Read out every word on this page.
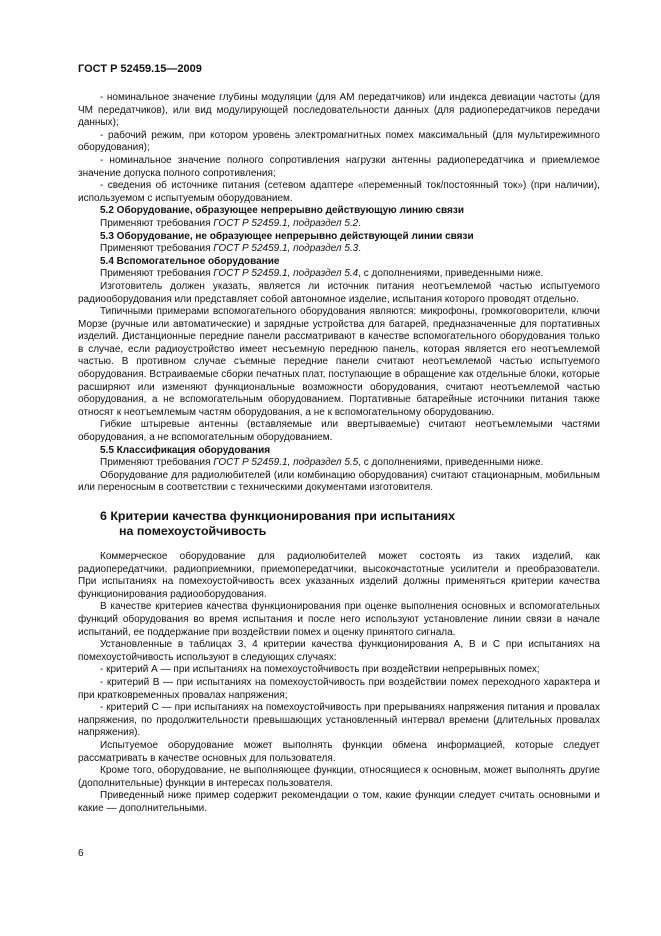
ГОСТ Р 52459.15—2009

- номинальное значение глубины модуляции (для АМ передатчиков) или индекса девиации частоты (для ЧМ передатчиков), или вид модулирующей последовательности данных (для радиопередатчиков передачи данных);

- рабочий режим, при котором уровень электромагнитных помех максимальный (для мультирежимного оборудования);

- номинальное значение полного сопротивления нагрузки антенны радиопередатчика и приемлемое значение допуска полного сопротивления;

- сведения об источнике питания (сетевом адаптере «переменный ток/постоянный ток») (при наличии), используемом с испытуемым оборудованием.

5.2 Оборудование, образующее непрерывно действующую линию связи

Применяют требования ГОСТ Р 52459.1, подраздел 5.2.

5.3 Оборудование, не образующее непрерывно действующей линии связи

Применяют требования ГОСТ Р 52459.1, подраздел 5.3.

5.4 Вспомогательное оборудование

Применяют требования ГОСТ Р 52459.1, подраздел 5.4, с дополнениями, приведенными ниже.

Изготовитель должен указать, является ли источник питания неотъемлемой частью испытуемого радиооборудования или представляет собой автономное изделие, испытания которого проводят отдельно.

Типичными примерами вспомогательного оборудования являются: микрофоны, громкоговорители, ключи Морзе (ручные или автоматические) и зарядные устройства для батарей, предназначенные для портативных изделий. Дистанционные передние панели рассматривают в качестве вспомогательного оборудования только в случае, если радиоустройство имеет несъемную переднюю панель, которая является его неотъемлемой частью. В противном случае съемные передние панели считают неотъемлемой частью испытуемого оборудования. Встраиваемые сборки печатных плат, поступающие в обращение как отдельные блоки, которые расширяют или изменяют функциональные возможности оборудования, считают неотъемлемой частью оборудования, а не вспомогательным оборудованием. Портативные батарейные источники питания также относят к неотъемлемым частям оборудования, а не к вспомогательному оборудованию.

Гибкие штыревые антенны (вставляемые или ввертываемые) считают неотъемлемыми частями оборудования, а не вспомогательным оборудованием.

5.5 Классификация оборудования

Применяют требования ГОСТ Р 52459.1, подраздел 5.5, с дополнениями, приведенными ниже.

Оборудование для радиолюбителей (или комбинацию оборудования) считают стационарным, мобильным или переносным в соответствии с техническими документами изготовителя.

6 Критерии качества функционирования при испытаниях
на помехоустойчивость

Коммерческое оборудование для радиолюбителей может состоять из таких изделий, как радиопередатчики, радиоприемники, приемопередатчики, высокочастотные усилители и преобразователи. При испытаниях на помехоустойчивость всех указанных изделий должны применяться критерии качества функционирования радиооборудования.

В качестве критериев качества функционирования при оценке выполнения основных и вспомогательных функций оборудования во время испытания и после него используют установление линии связи в начале испытаний, ее поддержание при воздействии помех и оценку принятого сигнала.

Установленные в таблицах 3, 4 критерии качества функционирования А, В и С при испытаниях на помехоустойчивость используют в следующих случаях:

- критерий А — при испытаниях на помехоустойчивость при воздействии непрерывных помех;

- критерий В — при испытаниях на помехоустойчивость при воздействии помех переходного характера и при кратковременных провалах напряжения;

- критерий С — при испытаниях на помехоустойчивость при прерываниях напряжения питания и провалах напряжения, по продолжительности превышающих установленный интервал времени (длительных провалах напряжения).

Испытуемое оборудование может выполнять функции обмена информацией, которые следует рассматривать в качестве основных для пользователя.

Кроме того, оборудование, не выполняющее функции, относящиеся к основным, может выполнять другие (дополнительные) функции в интересах пользователя.

Приведенный ниже пример содержит рекомендации о том, какие функции следует считать основными и какие — дополнительными.

6
